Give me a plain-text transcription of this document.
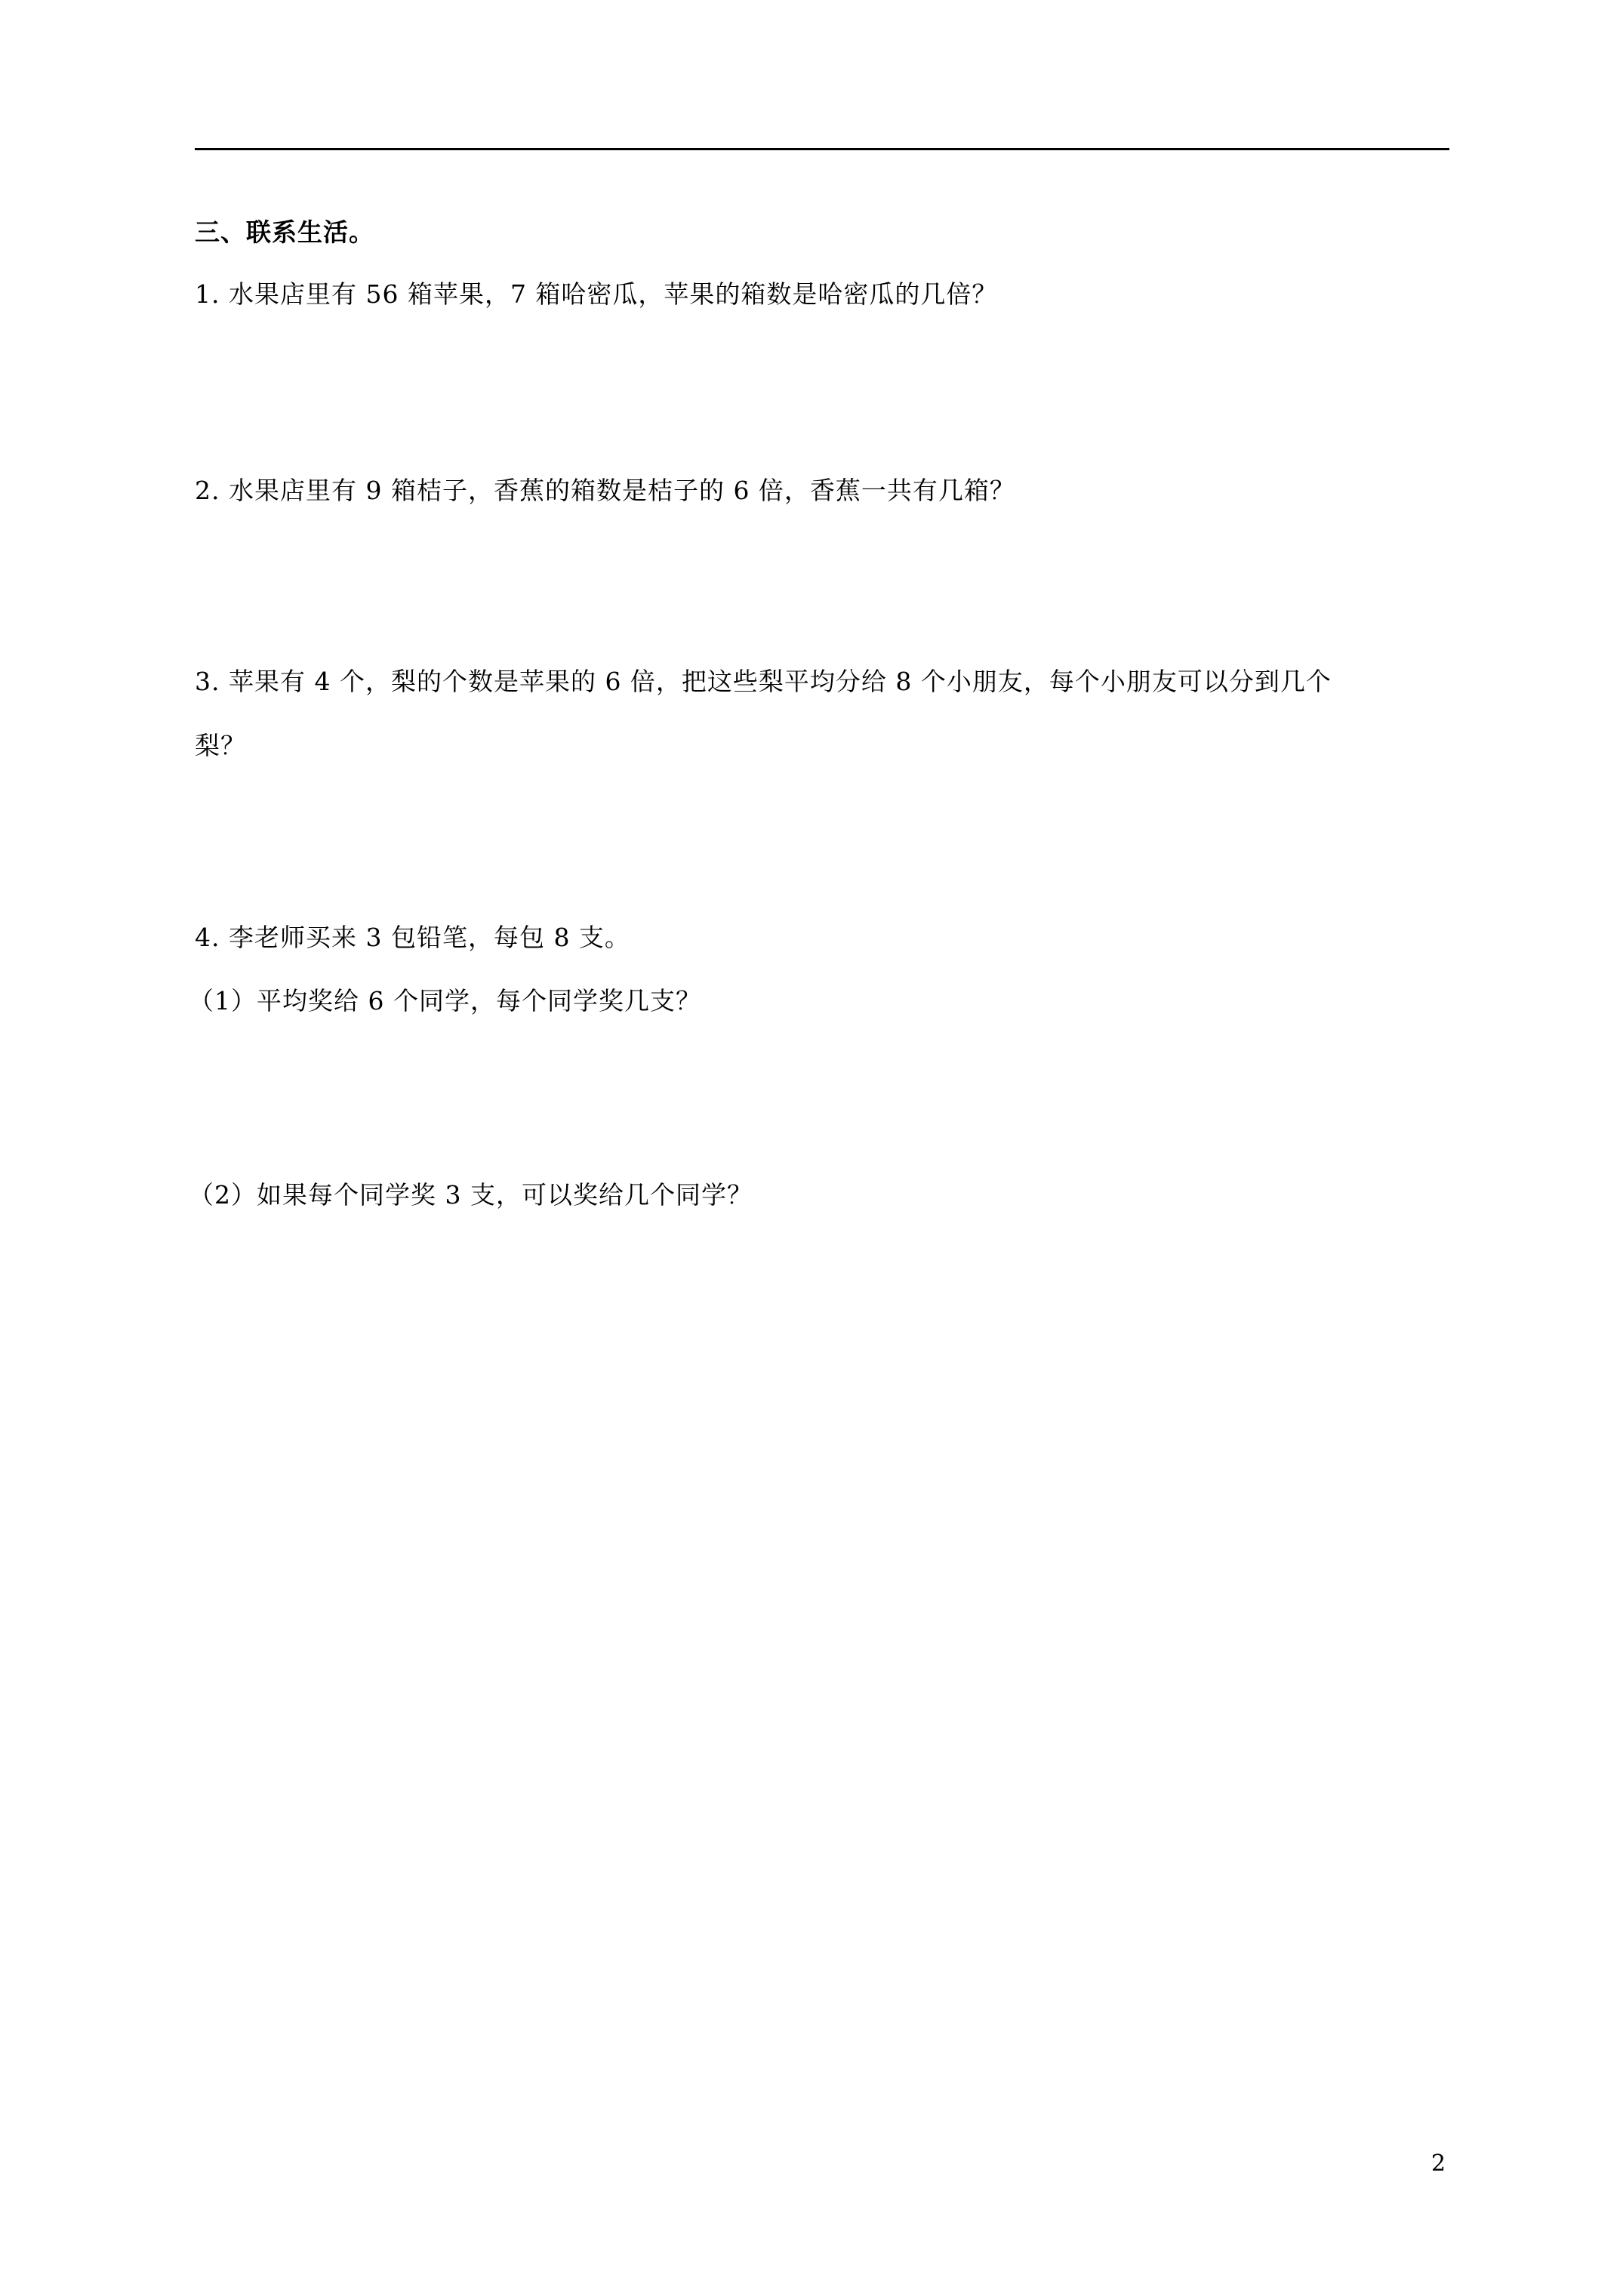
三、联系生活。
1. 水果店里有 56 箱苹果，7 箱哈密瓜，苹果的箱数是哈密瓜的几倍？
2. 水果店里有 9 箱桔子，香蕉的箱数是桔子的 6 倍，香蕉一共有几箱？
3. 苹果有 4 个，梨的个数是苹果的 6 倍，把这些梨平均分给 8 个小朋友，每个小朋友可以分到几个
梨？
4. 李老师买来 3 包铅笔，每包 8 支。
（1）平均奖给 6 个同学，每个同学奖几支？
（2）如果每个同学奖 3 支，可以奖给几个同学？
2
